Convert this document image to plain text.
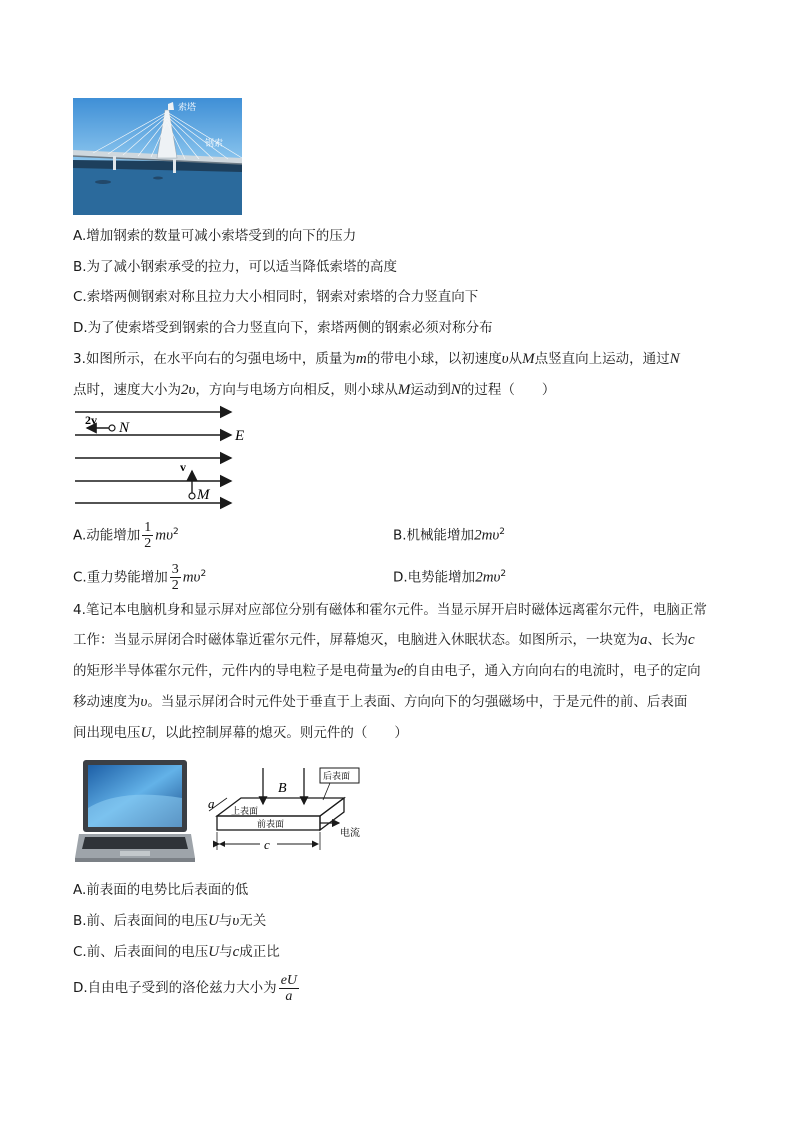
索塔
钢索
A.增加钢索的数量可减小索塔受到的向下的压力
B.为了减小钢索承受的拉力，可以适当降低索塔的高度
C.索塔两侧钢索对称且拉力大小相同时，钢索对索塔的合力竖直向下
D.为了使索塔受到钢索的合力竖直向下，索塔两侧的钢索必须对称分布
3.如图所示，在水平向右的匀强电场中，质量为m的带电小球，以初速度υ从M点竖直向上运动，通过N
点时，速度大小为2υ，方向与电场方向相反，则小球从M运动到N的过程（　　）
2v N	E
v
M
A.动能增加 $\frac{1}{2} m\upsilon^2$	B.机械能增加$2m\upsilon^2$
C.重力势能增加 $\frac{3}{2} m\upsilon^2$	D.电势能增加$2m\upsilon^2$
4.笔记本电脑机身和显示屏对应部位分别有磁体和霍尔元件。当显示屏开启时磁体远离霍尔元件，电脑正常
工作：当显示屏闭合时磁体靠近霍尔元件，屏幕熄灭，电脑进入休眠状态。如图所示，一块宽为a、长为c
的矩形半导体霍尔元件，元件内的导电粒子是电荷量为e的自由电子，通入方向向右的电流时，电子的定向
移动速度为υ。当显示屏闭合时元件处于垂直于上表面、方向向下的匀强磁场中，于是元件的前、后表面
间出现电压U，以此控制屏幕的熄灭。则元件的（　　）
B
后表面
上表面
前表面
a
电流
c
A.前表面的电势比后表面的低
B.前、后表面间的电压U与υ无关
C.前、后表面间的电压U与c成正比
D.自由电子受到的洛伦兹力大小为 $\frac{eU}{a}$
